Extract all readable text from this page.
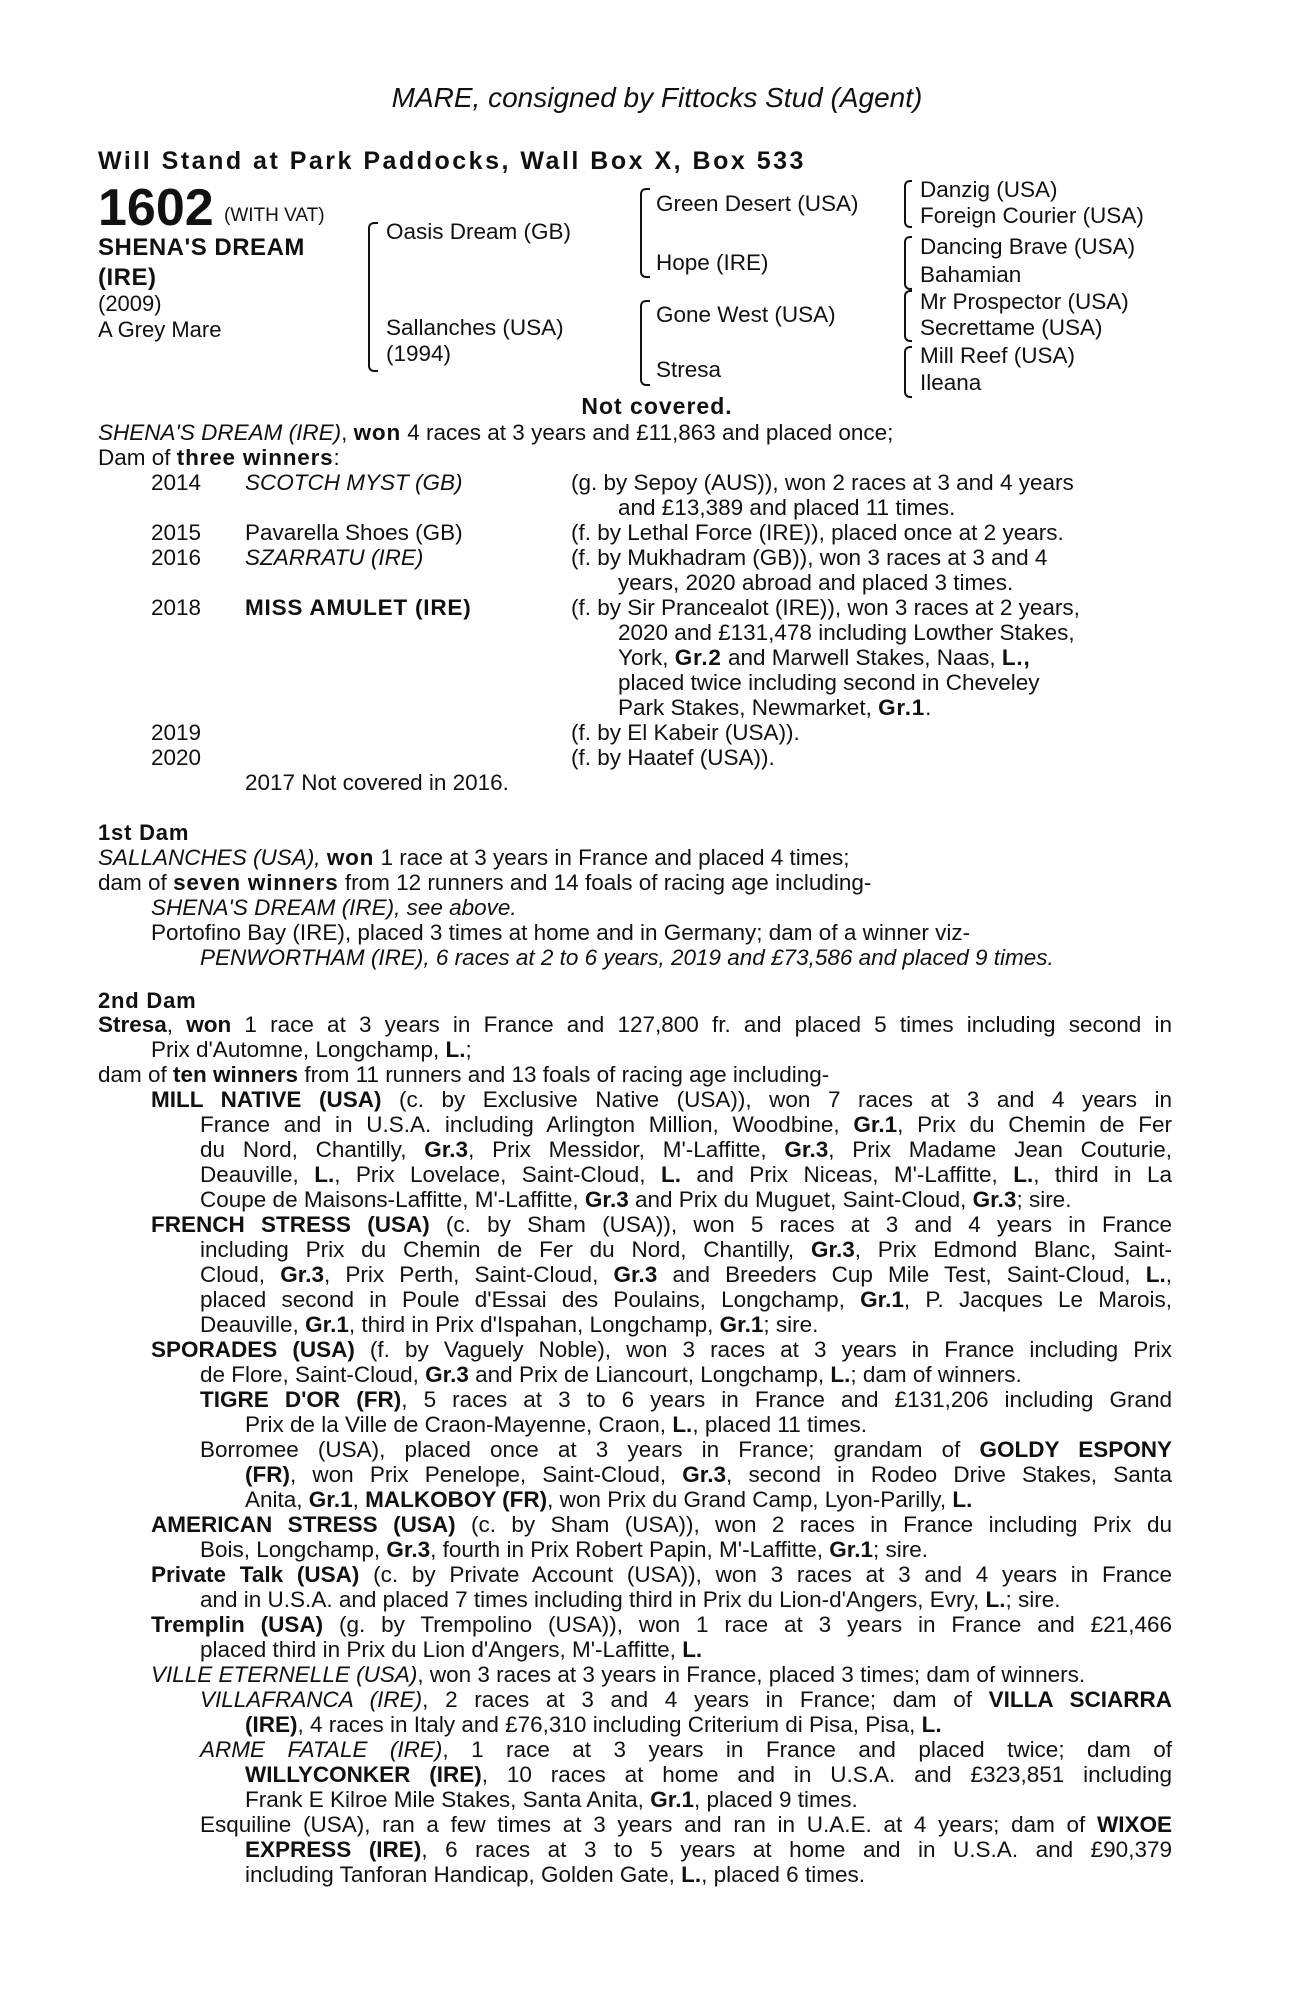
MARE, consigned by Fittocks Stud (Agent)
Will Stand at Park Paddocks, Wall Box X, Box 533
1602 (WITH VAT)
SHENA'S DREAM
(IRE)
(2009)
A Grey Mare
Oasis Dream (GB)
Sallanches (USA)
(1994)
Green Desert (USA)
Hope (IRE)
Gone West (USA)
Stresa
Danzig (USA)
Foreign Courier (USA)
Dancing Brave (USA)
Bahamian
Mr Prospector (USA)
Secrettame (USA)
Mill Reef (USA)
Ileana
Not covered.
SHENA'S DREAM (IRE), won 4 races at 3 years and £11,863 and placed once;
Dam of three winners:
2014 SCOTCH MYST (GB)	(g. by Sepoy (AUS)), won 2 races at 3 and 4 years
and £13,389 and placed 11 times.
2015 Pavarella Shoes (GB)	(f. by Lethal Force (IRE)), placed once at 2 years.
2016 SZARRATU (IRE)	(f. by Mukhadram (GB)), won 3 races at 3 and 4
years, 2020 abroad and placed 3 times.
2018 MISS AMULET (IRE)	(f. by Sir Prancealot (IRE)), won 3 races at 2 years,
2020 and £131,478 including Lowther Stakes,
York, Gr.2 and Marwell Stakes, Naas, L.,
placed twice including second in Cheveley
Park Stakes, Newmarket, Gr.1.
2019	(f. by El Kabeir (USA)).
2020	(f. by Haatef (USA)).
2017 Not covered in 2016.
1st Dam
SALLANCHES (USA), won 1 race at 3 years in France and placed 4 times;
dam of seven winners from 12 runners and 14 foals of racing age including-
SHENA'S DREAM (IRE), see above.
Portofino Bay (IRE), placed 3 times at home and in Germany; dam of a winner viz-
PENWORTHAM (IRE), 6 races at 2 to 6 years, 2019 and £73,586 and placed 9 times.
2nd Dam
Stresa, won 1 race at 3 years in France and 127,800 fr. and placed 5 times including second in
Prix d'Automne, Longchamp, L.;
dam of ten winners from 11 runners and 13 foals of racing age including-
MILL NATIVE (USA) (c. by Exclusive Native (USA)), won 7 races at 3 and 4 years in
France and in U.S.A. including Arlington Million, Woodbine, Gr.1, Prix du Chemin de Fer
du Nord, Chantilly, Gr.3, Prix Messidor, M'-Laffitte, Gr.3, Prix Madame Jean Couturie,
Deauville, L., Prix Lovelace, Saint-Cloud, L. and Prix Niceas, M'-Laffitte, L., third in La
Coupe de Maisons-Laffitte, M'-Laffitte, Gr.3 and Prix du Muguet, Saint-Cloud, Gr.3; sire.
FRENCH STRESS (USA) (c. by Sham (USA)), won 5 races at 3 and 4 years in France
including Prix du Chemin de Fer du Nord, Chantilly, Gr.3, Prix Edmond Blanc, Saint-
Cloud, Gr.3, Prix Perth, Saint-Cloud, Gr.3 and Breeders Cup Mile Test, Saint-Cloud, L.,
placed second in Poule d'Essai des Poulains, Longchamp, Gr.1, P. Jacques Le Marois,
Deauville, Gr.1, third in Prix d'Ispahan, Longchamp, Gr.1; sire.
SPORADES (USA) (f. by Vaguely Noble), won 3 races at 3 years in France including Prix
de Flore, Saint-Cloud, Gr.3 and Prix de Liancourt, Longchamp, L.; dam of winners.
TIGRE D'OR (FR), 5 races at 3 to 6 years in France and £131,206 including Grand
Prix de la Ville de Craon-Mayenne, Craon, L., placed 11 times.
Borromee (USA), placed once at 3 years in France; grandam of GOLDY ESPONY
(FR), won Prix Penelope, Saint-Cloud, Gr.3, second in Rodeo Drive Stakes, Santa
Anita, Gr.1, MALKOBOY (FR), won Prix du Grand Camp, Lyon-Parilly, L.
AMERICAN STRESS (USA) (c. by Sham (USA)), won 2 races in France including Prix du
Bois, Longchamp, Gr.3, fourth in Prix Robert Papin, M'-Laffitte, Gr.1; sire.
Private Talk (USA) (c. by Private Account (USA)), won 3 races at 3 and 4 years in France
and in U.S.A. and placed 7 times including third in Prix du Lion-d'Angers, Evry, L.; sire.
Tremplin (USA) (g. by Trempolino (USA)), won 1 race at 3 years in France and £21,466
placed third in Prix du Lion d'Angers, M'-Laffitte, L.
VILLE ETERNELLE (USA), won 3 races at 3 years in France, placed 3 times; dam of winners.
VILLAFRANCA (IRE), 2 races at 3 and 4 years in France; dam of VILLA SCIARRA
(IRE), 4 races in Italy and £76,310 including Criterium di Pisa, Pisa, L.
ARME FATALE (IRE), 1 race at 3 years in France and placed twice; dam of
WILLYCONKER (IRE), 10 races at home and in U.S.A. and £323,851 including
Frank E Kilroe Mile Stakes, Santa Anita, Gr.1, placed 9 times.
Esquiline (USA), ran a few times at 3 years and ran in U.A.E. at 4 years; dam of WIXOE
EXPRESS (IRE), 6 races at 3 to 5 years at home and in U.S.A. and £90,379
including Tanforan Handicap, Golden Gate, L., placed 6 times.
